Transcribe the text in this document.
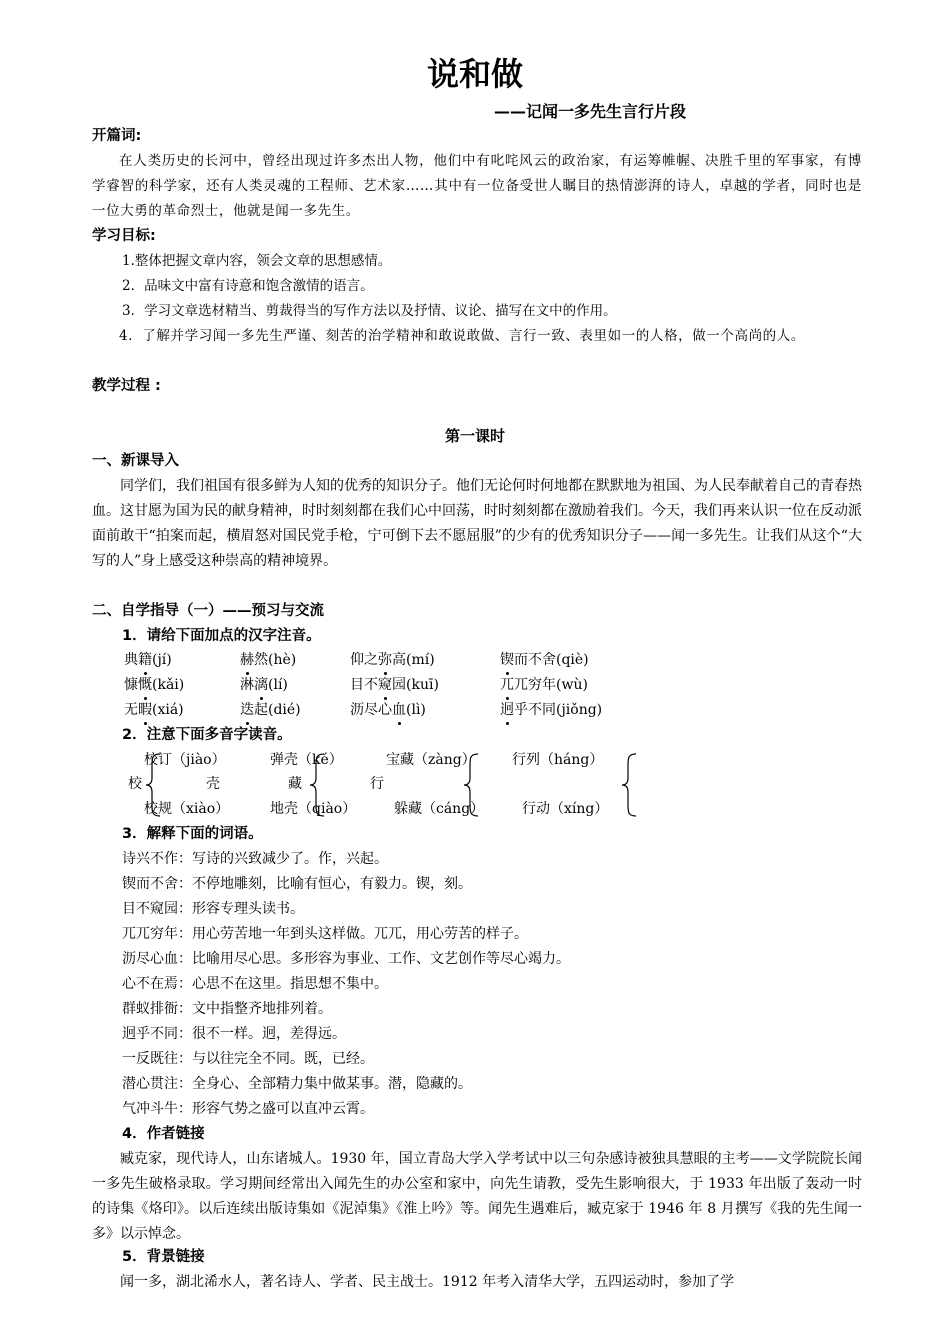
说和做
——记闻一多先生言行片段
开篇词:
在人类历史的长河中，曾经出现过许多杰出人物，他们中有叱咤风云的政治家，有运筹帷幄、决胜千里的军事家，有博学睿智的科学家，还有人类灵魂的工程师、艺术家……其中有一位备受世人瞩目的热情澎湃的诗人，卓越的学者，同时也是一位大勇的革命烈士，他就是闻一多先生。
学习目标:
1.整体把握文章内容，领会文章的思想感情。
2．品味文中富有诗意和饱含激情的语言。
3．学习文章选材精当、剪裁得当的写作方法以及抒情、议论、描写在文中的作用。
4．了解并学习闻一多先生严谨、刻苦的治学精神和敢说敢做、言行一致、表里如一的人格，做一个高尚的人。
教学过程 :
第一课时
一、新课导入
同学们，我们祖国有很多鲜为人知的优秀的知识分子。他们无论何时何地都在默默地为祖国、为人民奉献着自己的青春热血。这甘愿为国为民的献身精神，时时刻刻都在我们心中回荡，时时刻刻都在激励着我们。今天，我们再来认识一位在反动派面前敢干“拍案而起，横眉怒对国民党手枪，宁可倒下去不愿屈服”的少有的优秀知识分子——闻一多先生。让我们从这个“大写的人”身上感受这种崇高的精神境界。
二、自学指导（一）——预习与交流
1．请给下面加点的汉字注音。
典籍(jí)	赫然(hè)	仰之弥高(mí)	锲而不舍(qiè)
慷慨(kǎi)	淋漓(lí)	目不窥园(kuī)	兀兀穷年(wù)
无暇(xiá)	迭起(dié)	沥尽心血(lì)	迥乎不同(jiǒng)
2．注意下面多音字读音。
校订（jiào）
校
校规（xiào）
弹壳（ké）
壳
地壳（qiào）
宝藏（zàng）
藏
躲藏（cáng）
行列（háng）
行
行动（xíng）
3．解释下面的词语。
诗兴不作：写诗的兴致减少了。作，兴起。
锲而不舍：不停地雕刻，比喻有恒心，有毅力。锲，刻。
目不窥园：形容专理头读书。
兀兀穷年：用心劳苦地一年到头这样做。兀兀，用心劳苦的样子。
沥尽心血：比喻用尽心思。多形容为事业、工作、文艺创作等尽心竭力。
心不在焉：心思不在这里。指思想不集中。
群蚁排衙：文中指整齐地排列着。
迥乎不同：很不一样。迥，差得远。
一反既往：与以往完全不同。既，已经。
潜心贯注：全身心、全部精力集中做某事。潜，隐藏的。
气冲斗牛：形容气势之盛可以直冲云霄。
4．作者链接
臧克家，现代诗人，山东诸城人。1930 年，国立青岛大学入学考试中以三句杂感诗被独具慧眼的主考——文学院院长闻一多先生破格录取。学习期间经常出入闻先生的办公室和家中，向先生请教，受先生影响很大，于 1933 年出版了轰动一时的诗集《烙印》。以后连续出版诗集如《泥淖集》《淮上吟》等。闻先生遇难后，臧克家于 1946 年 8 月撰写《我的先生闻一多》以示悼念。
5．背景链接
闻一多，湖北浠水人，著名诗人、学者、民主战士。1912 年考入清华大学，五四运动时，参加了学
